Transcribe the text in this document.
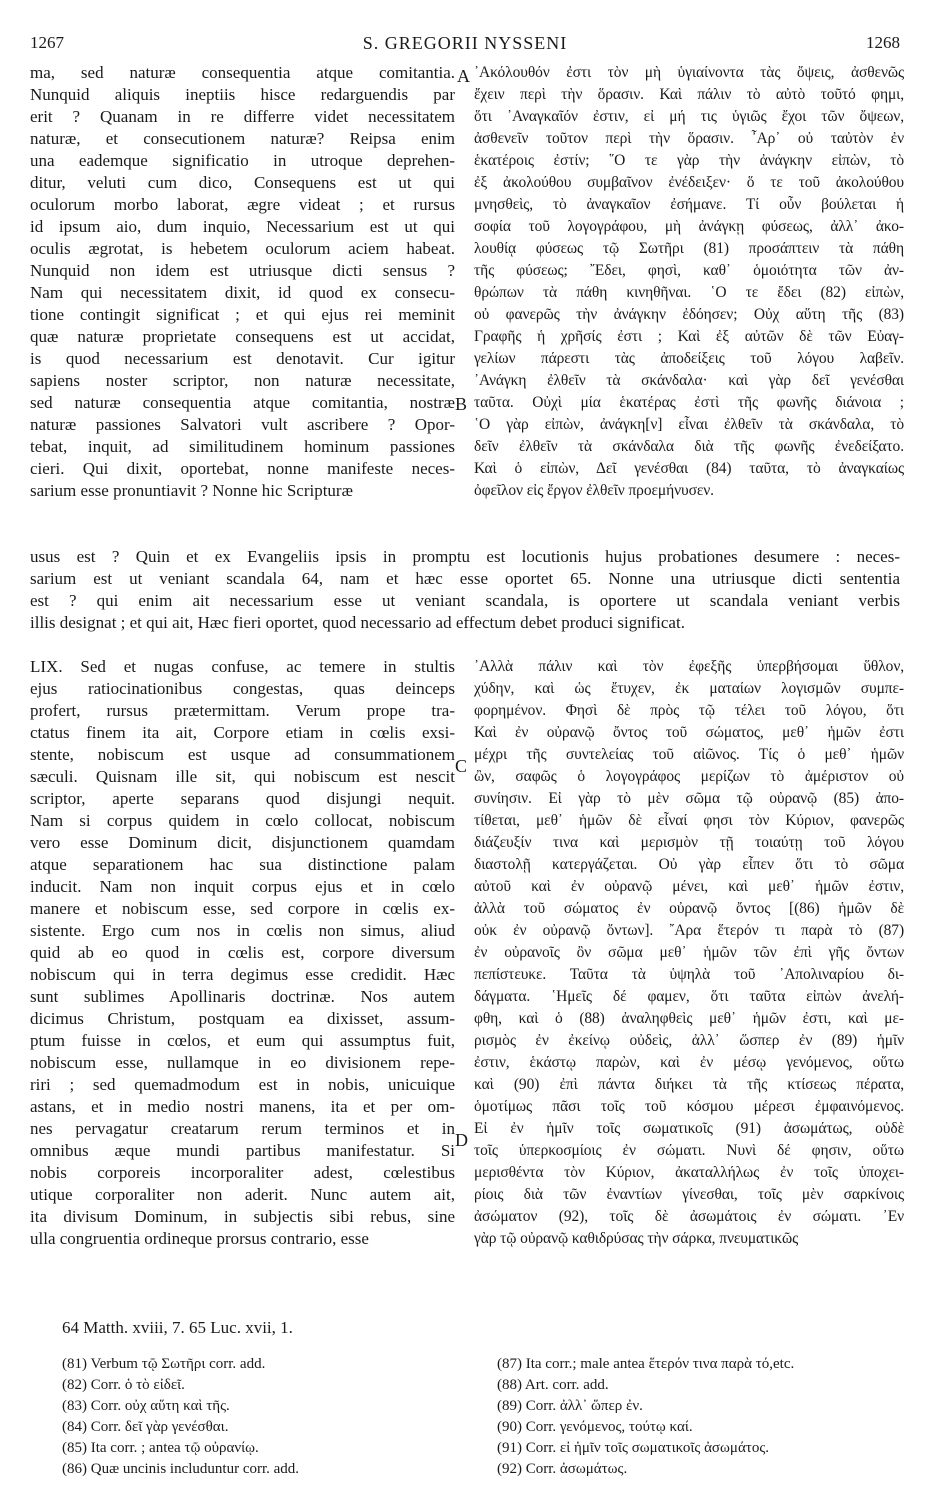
1267	S. GREGORII NYSSENI	1268
ma, sed naturæ consequentia atque comitantia.
Nunquid aliquis ineptiis hisce redarguendis par
erit ? Quanam in re differre videt necessitatem
naturæ, et consecutionem naturæ? Reipsa enim
una eademque significatio in utroque deprehen-
ditur, veluti cum dico, Consequens est ut qui
oculorum morbo laborat, ægre videat ; et rursus
id ipsum aio, dum inquio, Necessarium est ut qui
oculis ægrotat, is hebetem oculorum aciem habeat.
Nunquid non idem est utriusque dicti sensus ?
Nam qui necessitatem dixit, id quod ex consecu-
tione contingit significat ; et qui ejus rei meminit
quæ naturæ proprietate consequens est ut accidat,
is quod necessarium est denotavit. Cur igitur
sapiens noster scriptor, non naturæ necessitate,
sed naturæ consequentia atque comitantia, nostræ
naturæ passiones Salvatori vult ascribere ? Opor-
tebat, inquit, ad similitudinem hominum passiones
cieri. Qui dixit, oportebat, nonne manifeste neces-
sarium esse pronuntiavit ? Nonne hic Scripturæ
᾿Ακόλουθόν ἐστι τὸν μὴ ὑγιαίνοντα τὰς ὄψεις, ἀσθενῶς
ἔχειν περὶ τὴν ὅρασιν. Καὶ πάλιν τὸ αὐτὸ τοῦτό φημι,
ὅτι ᾿Αναγκαῖόν ἐστιν, εἰ μή τις ὑγιῶς ἔχοι τῶν ὄψεων,
ἀσθενεῖν τοῦτον περὶ τὴν ὅρασιν. ῏Αρ᾿ οὐ ταὐτὸν ἐν
ἑκατέροις ἐστίν; ῞Ο τε γὰρ τὴν ἀνάγκην εἰπὼν, τὸ
ἐξ ἀκολούθου συμβαῖνον ἐνέδειξεν· ὅ τε τοῦ ἀκολούθου
μνησθεὶς, τὸ ἀναγκαῖον ἐσήμανε. Τί οὖν βούλεται ἡ
σοφία τοῦ λογογράφου, μὴ ἀνάγκῃ φύσεως, ἀλλ᾿ ἀκο-
λουθίᾳ φύσεως τῷ Σωτῆρι (81) προσάπτειν τὰ πάθη
τῆς φύσεως; ῎Εδει, φησὶ, καθ᾿ ὁμοιότητα τῶν ἀν-
θρώπων τὰ πάθη κινηθῆναι. ῾Ο τε ἔδει (82) εἰπὼν,
οὐ φανερῶς τὴν ἀνάγκην ἐδόησεν; Οὐχ αὕτη τῆς (83)
Γραφῆς ἡ χρῆσίς ἐστι ; Καὶ ἐξ αὐτῶν δὲ τῶν Εὐαγ-
γελίων πάρεστι τὰς ἀποδείξεις τοῦ λόγου λαβεῖν.
᾿Ανάγκη ἐλθεῖν τὰ σκάνδαλα· καὶ γὰρ δεῖ γενέσθαι
ταῦτα. Οὐχὶ μία ἑκατέρας ἐστὶ τῆς φωνῆς διάνοια ;
῾Ο γὰρ εἰπὼν, ἀνάγκη[ν] εἶναι ἐλθεῖν τὰ σκάνδαλα, τὸ
δεῖν ἐλθεῖν τὰ σκάνδαλα διὰ τῆς φωνῆς ἐνεδείξατο.
Καὶ ὁ εἰπὼν, Δεῖ γενέσθαι (84) ταῦτα, τὸ ἀναγκαίως
ὀφεῖλον εἰς ἔργον ἐλθεῖν προεμήνυσεν.
usus est ? Quin et ex Evangeliis ipsis in promptu est locutionis hujus probationes desumere : neces-
sarium est ut veniant scandala 64, nam et hæc esse oportet 65. Nonne una utriusque dicti sententia
est ? qui enim ait necessarium esse ut veniant scandala, is oportere ut scandala veniant verbis
illis designat ; et qui ait, Hæc fieri oportet, quod necessario ad effectum debet produci significat.
LIX. Sed et nugas confuse, ac temere in stultis
ejus ratiocinationibus congestas, quas deinceps
profert, rursus prætermittam. Verum prope tra-
ctatus finem ita ait, Corpore etiam in cœlis exsi-
stente, nobiscum est usque ad consummationem
sæculi. Quisnam ille sit, qui nobiscum est nescit
scriptor, aperte separans quod disjungi nequit.
Nam si corpus quidem in cœlo collocat, nobiscum
vero esse Dominum dicit, disjunctionem quamdam
atque separationem hac sua distinctione palam
inducit. Nam non inquit corpus ejus et in cœlo
manere et nobiscum esse, sed corpore in cœlis ex-
sistente. Ergo cum nos in cœlis non simus, aliud
quid ab eo quod in cœlis est, corpore diversum
nobiscum qui in terra degimus esse credidit. Hæc
sunt sublimes Apollinaris doctrinæ. Nos autem
dicimus Christum, postquam ea dixisset, assum-
ptum fuisse in cœlos, et eum qui assumptus fuit,
nobiscum esse, nullamque in eo divisionem repe-
riri ; sed quemadmodum est in nobis, unicuique
astans, et in medio nostri manens, ita et per om-
nes pervagatur creatarum rerum terminos et in
omnibus æque mundi partibus manifestatur. Si
nobis corporeis incorporaliter adest, cœlestibus
utique corporaliter non aderit. Nunc autem ait,
ita divisum Dominum, in subjectis sibi rebus, sine
ulla congruentia ordineque prorsus contrario, esse
᾿Αλλὰ πάλιν καὶ τὸν ἐφεξῆς ὑπερβήσομαι ὕθλον,
χύδην, καὶ ὡς ἔτυχεν, ἐκ ματαίων λογισμῶν συμπε-
φορημένον. Φησὶ δὲ πρὸς τῷ τέλει τοῦ λόγου, ὅτι
Καὶ ἐν οὐρανῷ ὄντος τοῦ σώματος, μεθ᾿ ἡμῶν ἐστι
μέχρι τῆς συντελείας τοῦ αἰῶνος. Τίς ὁ μεθ᾿ ἡμῶν
ὢν, σαφῶς ὁ λογογράφος μερίζων τὸ ἀμέριστον οὐ
συνίησιν. Εἰ γὰρ τὸ μὲν σῶμα τῷ οὐρανῷ (85) ἀπο-
τίθεται, μεθ᾿ ἡμῶν δὲ εἶναί φησι τὸν Κύριον, φανερῶς
διάζευξίν τινα καὶ μερισμὸν τῇ τοιαύτῃ τοῦ λόγου
διαστολῇ κατεργάζεται. Οὐ γὰρ εἶπεν ὅτι τὸ σῶμα
αὐτοῦ καὶ ἐν οὐρανῷ μένει, καὶ μεθ᾿ ἡμῶν ἐστιν,
ἀλλὰ τοῦ σώματος ἐν οὐρανῷ ὄντος [(86) ἡμῶν δὲ
οὐκ ἐν οὐρανῷ ὄντων]. ῎Αρα ἕτερόν τι παρὰ τὸ (87)
ἐν οὐρανοῖς ὂν σῶμα μεθ᾿ ἡμῶν τῶν ἐπὶ γῆς ὄντων
πεπίστευκε. Ταῦτα τὰ ὑψηλὰ τοῦ ᾿Απολιναρίου δι-
δάγματα. ῾Ημεῖς δέ φαμεν, ὅτι ταῦτα εἰπὼν ἀνελή-
φθη, καὶ ὁ (88) ἀναληφθεὶς μεθ᾿ ἡμῶν ἐστι, καὶ με-
ρισμὸς ἐν ἐκείνῳ οὐδεὶς, ἀλλ᾿ ὥσπερ ἐν (89) ἡμῖν
ἐστιν, ἑκάστῳ παρὼν, καὶ ἐν μέσῳ γενόμενος, οὕτω
καὶ (90) ἐπὶ πάντα διήκει τὰ τῆς κτίσεως πέρατα,
ὁμοτίμως πᾶσι τοῖς τοῦ κόσμου μέρεσι ἐμφαινόμενος.
Εἰ ἐν ἡμῖν τοῖς σωματικοῖς (91) ἀσωμάτως, οὐδὲ
τοῖς ὑπερκοσμίοις ἐν σώματι. Νυνὶ δέ φησιν, οὕτω
μερισθέντα τὸν Κύριον, ἀκαταλλήλως ἐν τοῖς ὑποχει-
ρίοις διὰ τῶν ἐναντίων γίνεσθαι, τοῖς μὲν σαρκίνοις
ἀσώματον (92), τοῖς δὲ ἀσωμάτοις ἐν σώματι. ᾿Εν
γὰρ τῷ οὐρανῷ καθιδρύσας τὴν σάρκα, πνευματικῶς
A
B
C
D
64 Matth. xviii, 7. 65 Luc. xvii, 1.
(81) Verbum τῷ Σωτῆρι corr. add.
(82) Corr. ὁ τὸ εἰδεῖ.
(83) Corr. οὐχ αὕτη καὶ τῆς.
(84) Corr. δεῖ γὰρ γενέσθαι.
(85) Ita corr. ; antea τῷ οὐρανίῳ.
(86) Quæ uncinis includuntur corr. add.
(87) Ita corr.; male antea ἕτερόν τινα παρὰ τό,etc.
(88) Art. corr. add.
(89) Corr. ἀλλ᾿ ὥπερ ἐν.
(90) Corr. γενόμενος, τούτῳ καί.
(91) Corr. εἰ ἡμῖν τοῖς σωματικοῖς ἀσωμάτος.
(92) Corr. ἀσωμάτως.
